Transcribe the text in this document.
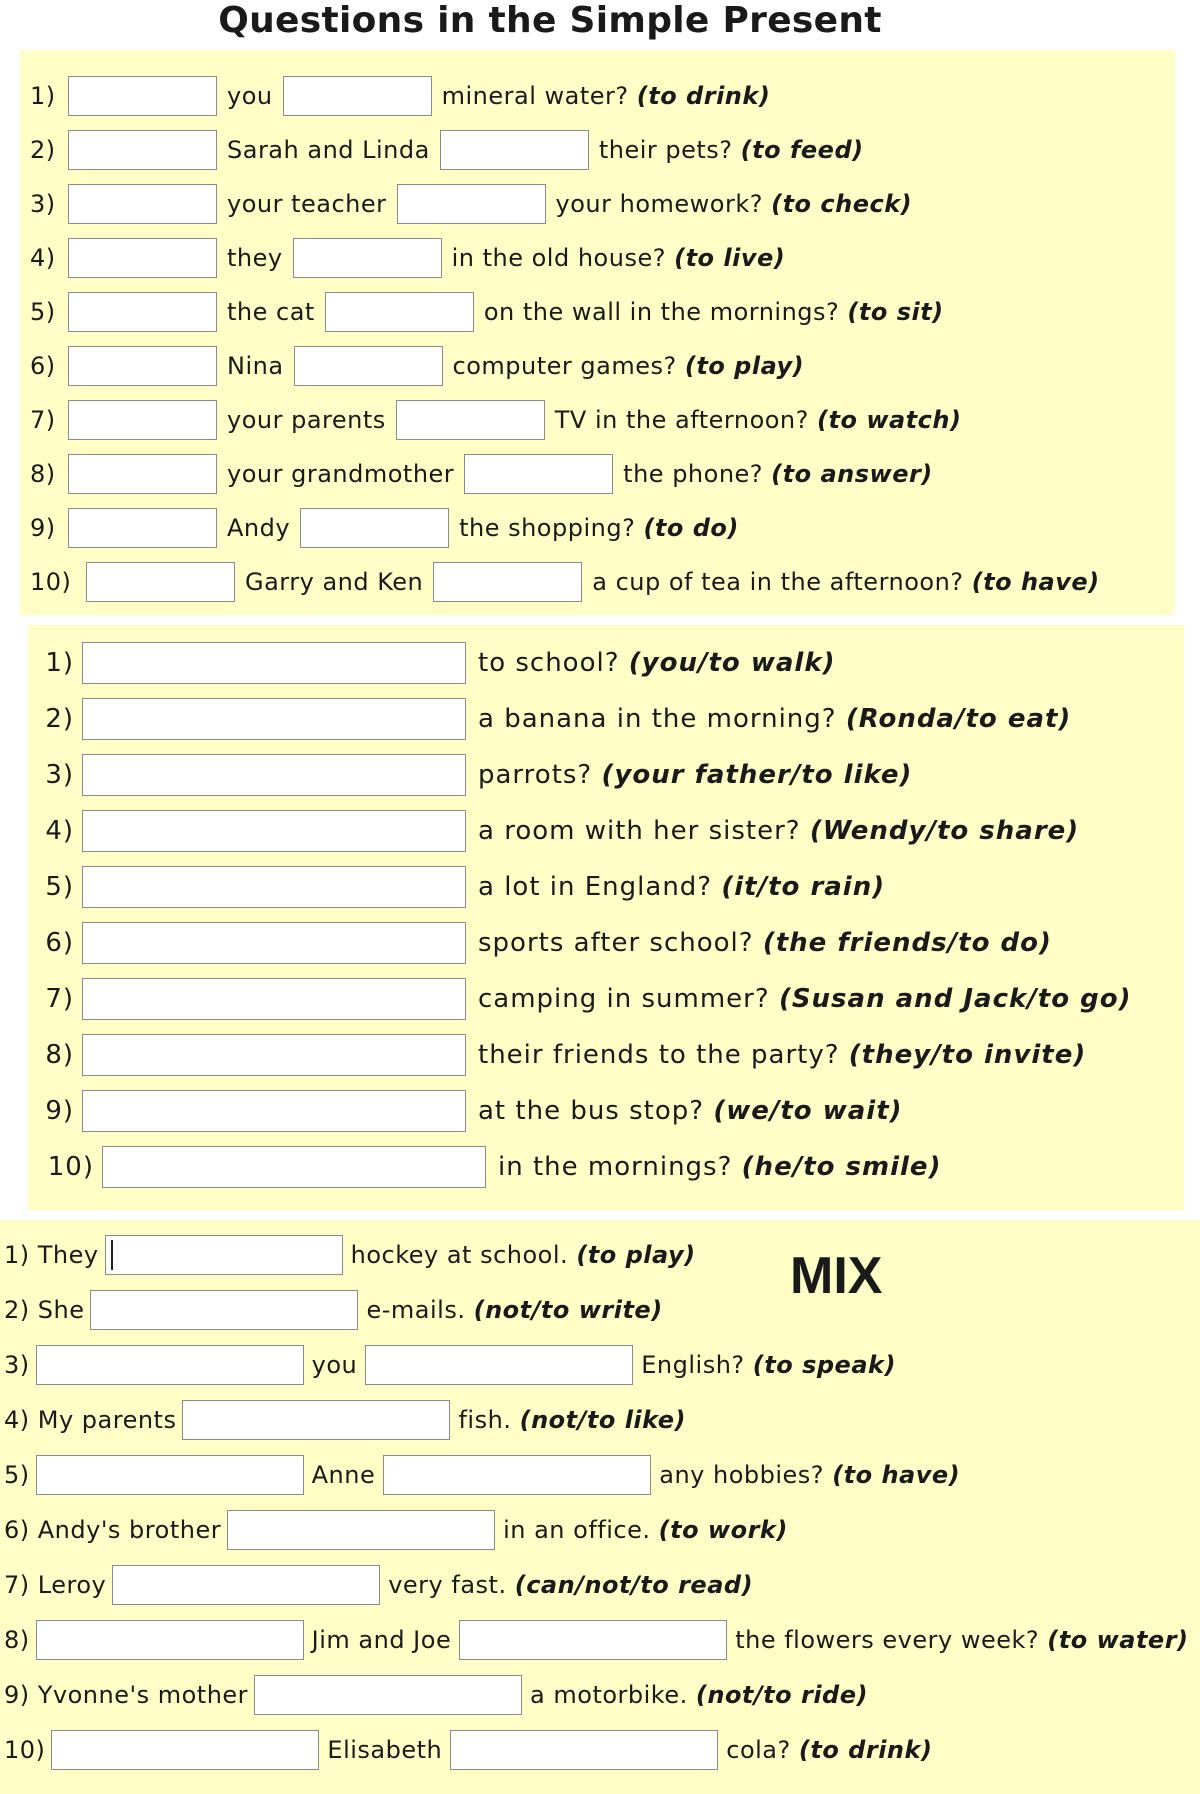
Questions in the Simple Present
1)	you	mineral water? (to drink)
2)	Sarah and Linda	their pets? (to feed)
3)	your teacher	your homework? (to check)
4)	they	in the old house? (to live)
5)	the cat	on the wall in the mornings? (to sit)
6)	Nina	computer games? (to play)
7)	your parents	TV in the afternoon? (to watch)
8)	your grandmother	the phone? (to answer)
9)	Andy	the shopping? (to do)
10)	Garry and Ken	a cup of tea in the afternoon? (to have)
1)	to school? (you/to walk)
2)	a banana in the morning? (Ronda/to eat)
3)	parrots? (your father/to like)
4)	a room with her sister? (Wendy/to share)
5)	a lot in England? (it/to rain)
6)	sports after school? (the friends/to do)
7)	camping in summer? (Susan and Jack/to go)
8)	their friends to the party? (they/to invite)
9)	at the bus stop? (we/to wait)
10)	in the mornings? (he/to smile)
MIX
1) They	hockey at school. (to play)
2) She	e-mails. (not/to write)
3)	you	English? (to speak)
4) My parents	fish. (not/to like)
5)	Anne	any hobbies? (to have)
6) Andy's brother	in an office. (to work)
7) Leroy	very fast. (can/not/to read)
8)	Jim and Joe	the flowers every week? (to water)
9) Yvonne's mother	a motorbike. (not/to ride)
10)	Elisabeth	cola? (to drink)
